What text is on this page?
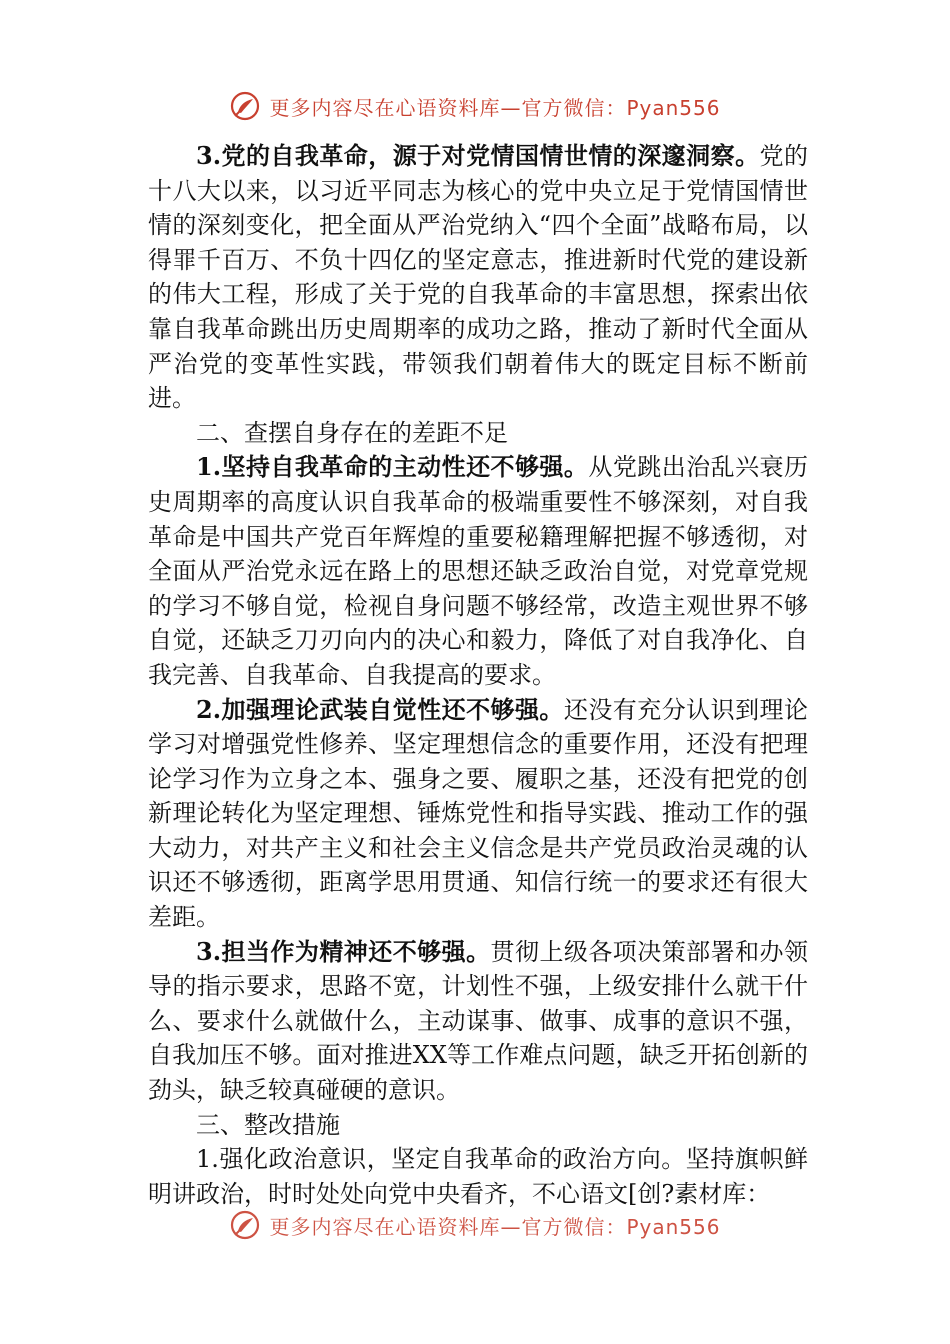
更多内容尽在心语资料库—官方微信：Pyan556

3.党的自我革命，源于对党情国情世情的深邃洞察。党的十八大以来，以习近平同志为核心的党中央立足于党情国情世情的深刻变化，把全面从严治党纳入“四个全面”战略布局，以得罪千百万、不负十四亿的坚定意志，推进新时代党的建设新的伟大工程，形成了关于党的自我革命的丰富思想，探索出依靠自我革命跳出历史周期率的成功之路，推动了新时代全面从严治党的变革性实践，带领我们朝着伟大的既定目标不断前进。

二、查摆自身存在的差距不足

1.坚持自我革命的主动性还不够强。从党跳出治乱兴衰历史周期率的高度认识自我革命的极端重要性不够深刻，对自我革命是中国共产党百年辉煌的重要秘籍理解把握不够透彻，对全面从严治党永远在路上的思想还缺乏政治自觉，对党章党规的学习不够自觉，检视自身问题不够经常，改造主观世界不够自觉，还缺乏刀刃向内的决心和毅力，降低了对自我净化、自我完善、自我革命、自我提高的要求。

2.加强理论武装自觉性还不够强。还没有充分认识到理论学习对增强党性修养、坚定理想信念的重要作用，还没有把理论学习作为立身之本、强身之要、履职之基，还没有把党的创新理论转化为坚定理想、锤炼党性和指导实践、推动工作的强大动力，对共产主义和社会主义信念是共产党员政治灵魂的认识还不够透彻，距离学思用贯通、知信行统一的要求还有很大差距。

3.担当作为精神还不够强。贯彻上级各项决策部署和办领导的指示要求，思路不宽，计划性不强，上级安排什么就干什么、要求什么就做什么，主动谋事、做事、成事的意识不强，自我加压不够。面对推进XX等工作难点问题，缺乏开拓创新的劲头，缺乏较真碰硬的意识。

三、整改措施

1.强化政治意识，坚定自我革命的政治方向。坚持旗帜鲜明讲政治，时时处处向党中央看齐，不心语文[创?素材库：

更多内容尽在心语资料库—官方微信：Pyan556
